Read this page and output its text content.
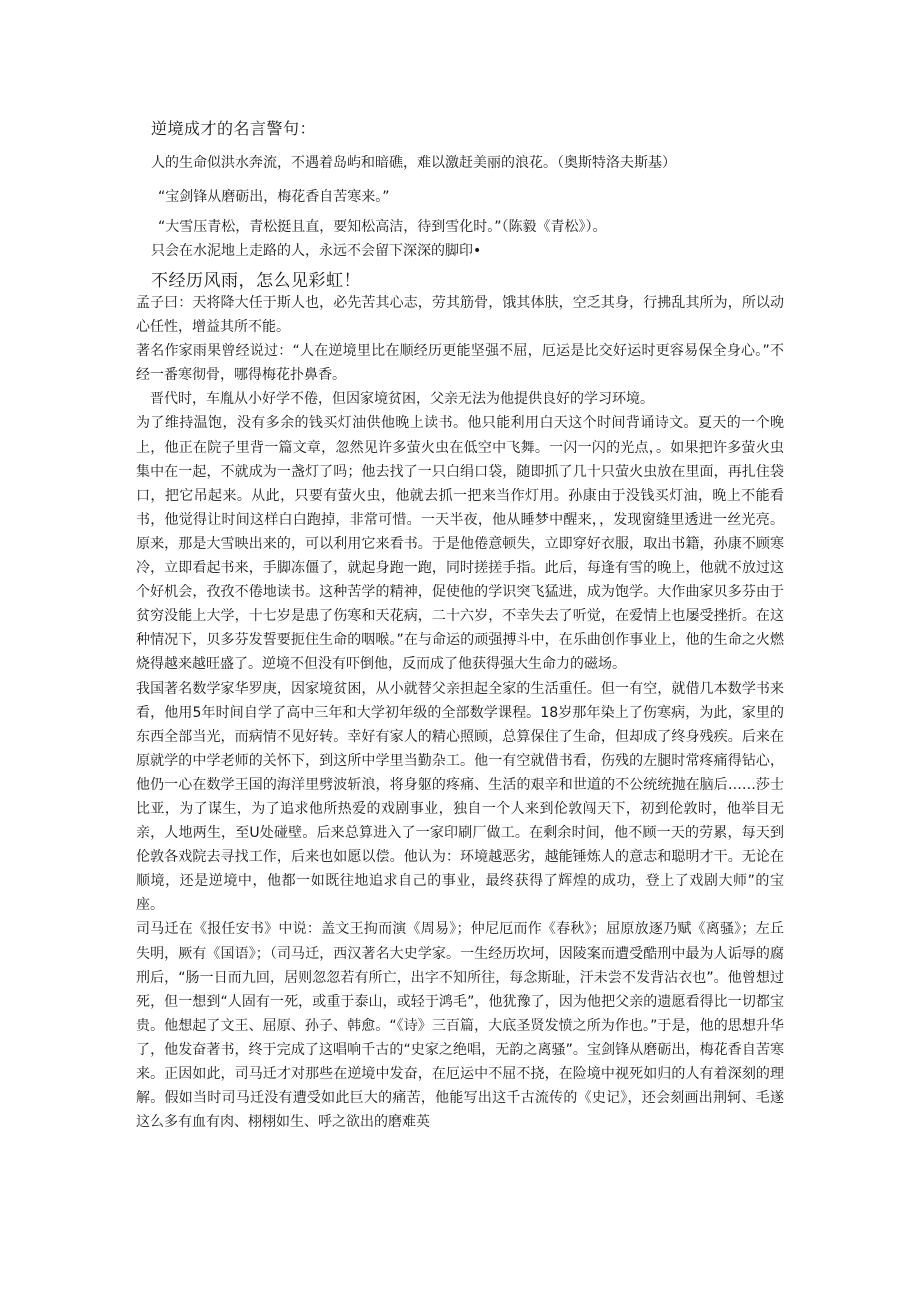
逆境成才的名言警句：
人的生命似洪水奔流，不遇着岛屿和暗礁，难以激赶美丽的浪花。（奥斯特洛夫斯基）
“宝剑锋从磨砺出，梅花香自苦寒来。”
“大雪压青松，青松挺且直，要知松高洁，待到雪化时。”（陈毅《青松》）。
只会在水泥地上走路的人，永远不会留下深深的脚印•
不经历风雨，怎么见彩虹！

孟子曰：天将降大任于斯人也，必先苦其心志，劳其筋骨，饿其体肤，空乏其身，行拂乱其所为，所以动心任性，增益其所不能。

著名作家雨果曾经说过：“人在逆境里比在顺经历更能坚强不屈，厄运是比交好运时更容易保全身心。”不经一番寒彻骨，哪得梅花扑鼻香。

晋代时，车胤从小好学不倦，但因家境贫困，父亲无法为他提供良好的学习环境。

为了维持温饱，没有多余的钱买灯油供他晚上读书。他只能利用白天这个时间背诵诗文。夏天的一个晚上，他正在院子里背一篇文章，忽然见许多萤火虫在低空中飞舞。一闪一闪的光点，。如果把许多萤火虫集中在一起，不就成为一盏灯了吗；他去找了一只白绢口袋，随即抓了几十只萤火虫放在里面，再扎住袋口，把它吊起来。从此，只要有萤火虫，他就去抓一把来当作灯用。孙康由于没钱买灯油，晚上不能看书，他觉得让时间这样白白跑掉，非常可惜。一天半夜，他从睡梦中醒来，，发现窗缝里透进一丝光亮。原来，那是大雪映出来的，可以利用它来看书。于是他倦意顿失，立即穿好衣服，取出书籍，孙康不顾寒冷，立即看起书来，手脚冻僵了，就起身跑一跑，同时搓搓手指。此后，每逢有雪的晚上，他就不放过这个好机会，孜孜不倦地读书。这种苦学的精神，促使他的学识突飞猛进，成为饱学。大作曲家贝多芬由于贫穷没能上大学，十七岁是患了伤寒和天花病，二十六岁，不幸失去了听觉，在爱情上也屡受挫折。在这种情况下，贝多芬发誓要扼住生命的咽喉。”在与命运的顽强搏斗中，在乐曲创作事业上，他的生命之火燃烧得越来越旺盛了。逆境不但没有吓倒他，反而成了他获得强大生命力的磁场。

我国著名数学家华罗庚，因家境贫困，从小就替父亲担起全家的生活重任。但一有空，就借几本数学书来看，他用5年时间自学了高中三年和大学初年级的全部数学课程。18岁那年染上了伤寒病，为此，家里的东西全部当光，而病情不见好转。幸好有家人的精心照顾，总算保住了生命，但却成了终身残疾。后来在原就学的中学老师的关怀下，到这所中学里当勤杂工。他一有空就借书看，伤残的左腿时常疼痛得钻心，他仍一心在数学王国的海洋里劈波斩浪，将身躯的疼痛、生活的艰辛和世道的不公统统抛在脑后……莎士比亚，为了谋生，为了追求他所热爱的戏剧事业，独自一个人来到伦敦闯天下，初到伦敦时，他举目无亲，人地两生，至U处碰壁。后来总算进入了一家印刷厂做工。在剩余时间，他不顾一天的劳累，每天到伦敦各戏院去寻找工作，后来也如愿以偿。他认为：环境越恶劣，越能锤炼人的意志和聪明才干。无论在顺境，还是逆境中，他都一如既往地追求自己的事业，最终获得了辉煌的成功，登上了戏剧大师”的宝座。

司马迁在《报任安书》中说：盖文王拘而演《周易》；仲尼厄而作《春秋》；屈原放逐乃赋《离骚》；左丘失明，厥有《国语》；（司马迁，西汉著名大史学家。一生经历坎坷，因陵案而遭受酷刑中最为人诟辱的腐刑后，“肠一日而九回，居则忽忽若有所亡，出字不知所往，每念斯耻，汗未尝不发背沾衣也”。他曾想过死，但一想到“人固有一死，或重于泰山，或轻于鸿毛”，他犹豫了，因为他把父亲的遗愿看得比一切都宝贵。他想起了文王、屈原、孙子、韩愈。“《诗》三百篇，大底圣贤发愤之所为作也。”于是，他的思想升华了，他发奋著书，终于完成了这唱响千古的“史家之绝唱，无韵之离骚”。宝剑锋从磨砺出，梅花香自苦寒来。正因如此，司马迁才对那些在逆境中发奋，在厄运中不屈不挠，在险境中视死如归的人有着深刻的理解。假如当时司马迁没有遭受如此巨大的痛苦，他能写出这千古流传的《史记》，还会刻画出荆轲、毛遂这么多有血有肉、栩栩如生、呼之欲出的磨难英
